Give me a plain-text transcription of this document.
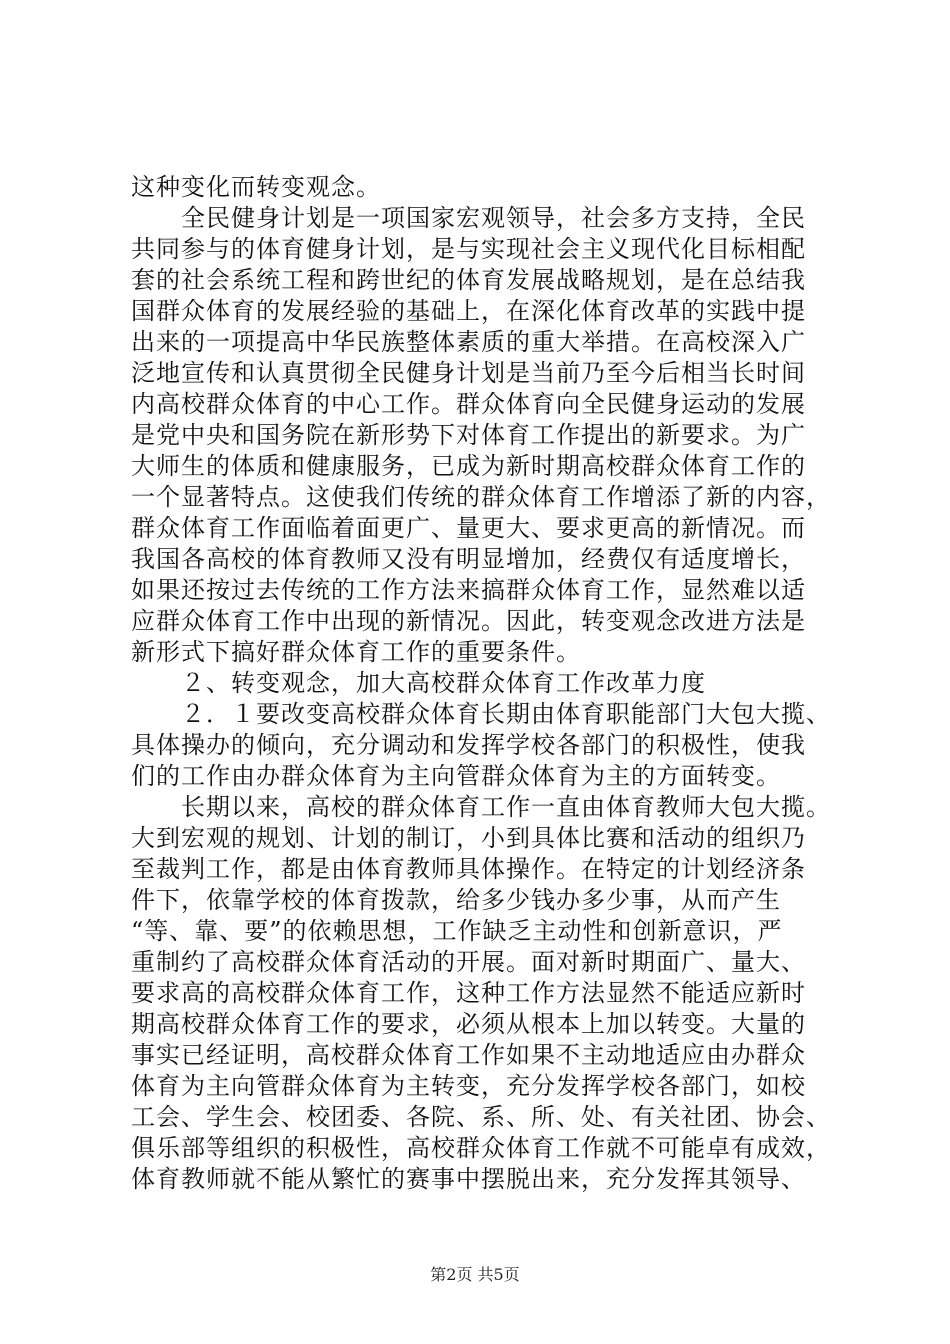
这种变化而转变观念。
　　全民健身计划是一项国家宏观领导，社会多方支持，全民
共同参与的体育健身计划，是与实现社会主义现代化目标相配
套的社会系统工程和跨世纪的体育发展战略规划，是在总结我
国群众体育的发展经验的基础上，在深化体育改革的实践中提
出来的一项提高中华民族整体素质的重大举措。在高校深入广
泛地宣传和认真贯彻全民健身计划是当前乃至今后相当长时间
内高校群众体育的中心工作。群众体育向全民健身运动的发展
是党中央和国务院在新形势下对体育工作提出的新要求。为广
大师生的体质和健康服务，已成为新时期高校群众体育工作的
一个显著特点。这使我们传统的群众体育工作增添了新的内容，
群众体育工作面临着面更广、量更大、要求更高的新情况。而
我国各高校的体育教师又没有明显增加，经费仅有适度增长，
如果还按过去传统的工作方法来搞群众体育工作，显然难以适
应群众体育工作中出现的新情况。因此，转变观念改进方法是
新形式下搞好群众体育工作的重要条件。
　　２、转变观念，加大高校群众体育工作改革力度
　　２．１要改变高校群众体育长期由体育职能部门大包大揽、
具体操办的倾向，充分调动和发挥学校各部门的积极性，使我
们的工作由办群众体育为主向管群众体育为主的方面转变。
　　长期以来，高校的群众体育工作一直由体育教师大包大揽。
大到宏观的规划、计划的制订，小到具体比赛和活动的组织乃
至裁判工作，都是由体育教师具体操作。在特定的计划经济条
件下，依靠学校的体育拨款，给多少钱办多少事，从而产生
“等、靠、要”的依赖思想，工作缺乏主动性和创新意识，严
重制约了高校群众体育活动的开展。面对新时期面广、量大、
要求高的高校群众体育工作，这种工作方法显然不能适应新时
期高校群众体育工作的要求，必须从根本上加以转变。大量的
事实已经证明，高校群众体育工作如果不主动地适应由办群众
体育为主向管群众体育为主转变，充分发挥学校各部门，如校
工会、学生会、校团委、各院、系、所、处、有关社团、协会、
俱乐部等组织的积极性，高校群众体育工作就不可能卓有成效，
体育教师就不能从繁忙的赛事中摆脱出来，充分发挥其领导、
第2页 共5页
